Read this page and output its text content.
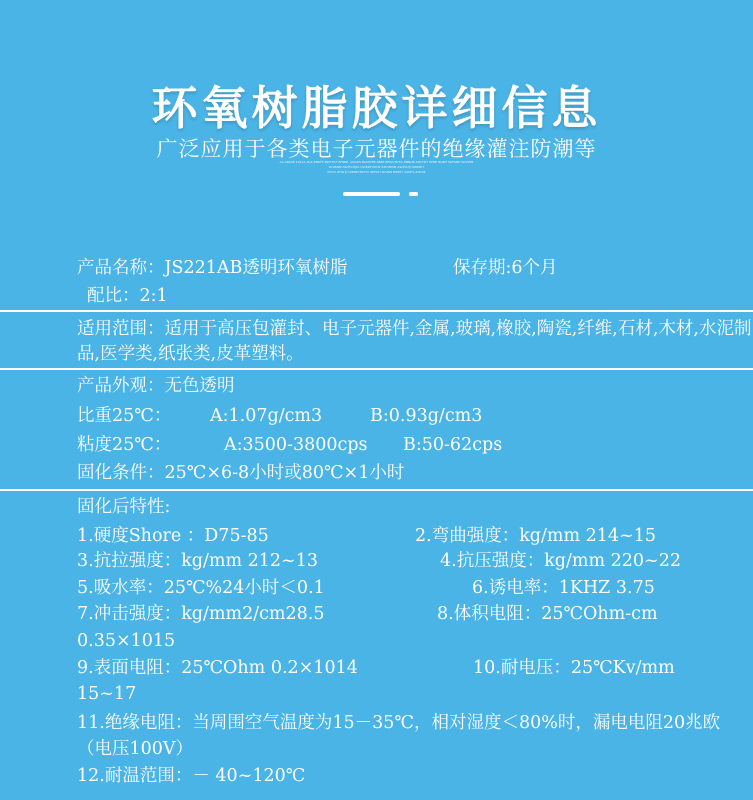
环氧树脂胶详细信息
广泛应用于各类电子元器件的绝缘灌注防潮等
AA ABASE 2021A ADA BNDFS BWTTGF BFNBE, ADGRS BASSTEB ABBS BFNA BVTG DBNDB ADCTDT DFBH BGBH SDFGBH SDVRTB
XCVBNM ASDFGHJKL QWERTYUIOP ZXCVBNM ASDFGHJ QWERTY
RTYUI DFGHJ CVBNM ERTYU SDFGH XCVBN WERTY ASDFG ZXCVB
产品名称：JS221AB透明环氧树脂	保存期:6个月
配比：2:1
适用范围：适用于高压包灌封、电子元器件,金属,玻璃,橡胶,陶瓷,纤维,石材,木材,水泥制品,医学类,纸张类,皮革塑料。
产品外观：无色透明
比重25℃： A:1.07g/cm3	B:0.93g/cm3
粘度25℃：	A:3500-3800cps B:50-62cps
固化条件：25℃×6-8小时或80℃×1小时
固化后特性:
1.硬度Shore ：D75-85	2.弯曲强度：kg/mm 214~15
3.抗拉强度：kg/mm 212~13	4.抗压强度：kg/mm 220~22
5.吸水率：25℃%24小时＜0.1	6.诱电率：1KHZ 3.75
7.冲击强度：kg/mm2/cm28.5	8.体积电阻：25℃Ohm-cm
0.35×1015
9.表面电阻：25℃Ohm 0.2×1014	10.耐电压：25℃Kv/mm
15~17
11.绝缘电阻：当周围空气温度为15－35℃，相对湿度＜80%时，漏电电阻20兆欧（电压100V）
12.耐温范围：－ 40~120℃
